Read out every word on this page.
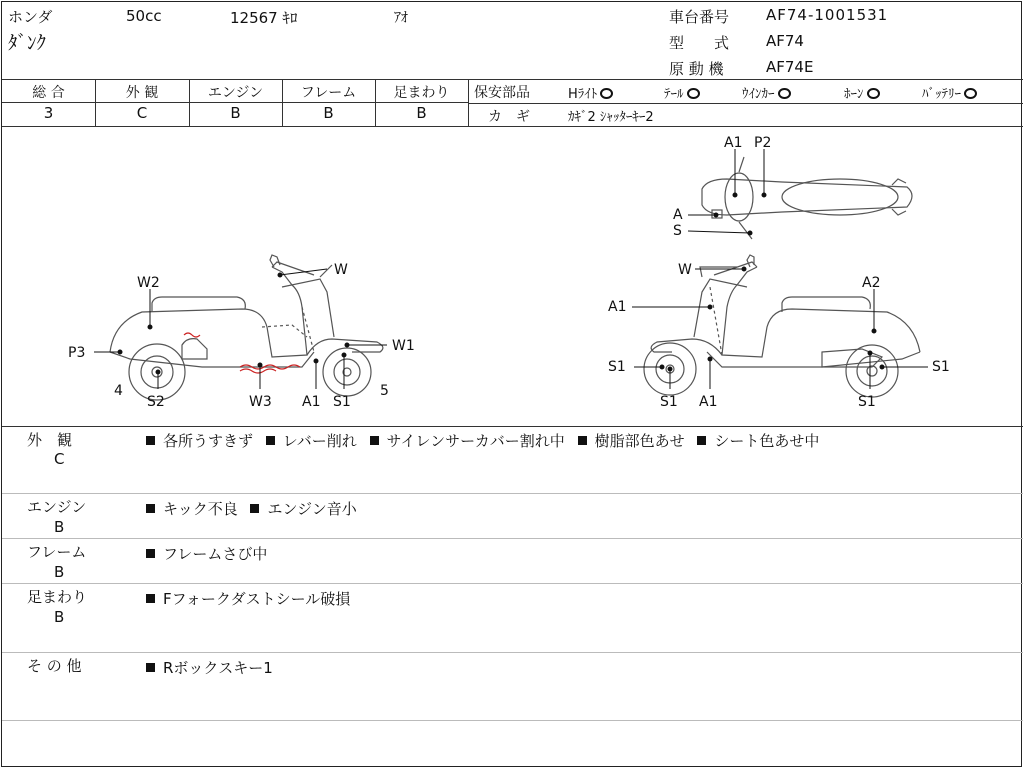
ホンダ	50cc	12567 ｷﾛ	ｱｵ
ﾀﾞﾝｸ
車台番号 AF74-1001531
型　　式 AF74
原 動 機	AF74E
総 合	外 観	エンジン	フレーム	足まわり
3	C	B	B	B
保安部品	Hﾗｲﾄ	ﾃｰﾙ	ｳｲﾝｶｰ	ﾎｰﾝ	ﾊﾞｯﾃﾘｰ
カ　ギ	ｶｷﾞ2 ｼｬｯﾀｰｷｰ2
W2
W
W1
P3
4
S2	W3 A1 S1
5
W
A2
A1
S1
S1 A1	S1
S1
A1 P2
A
S
外　観
C
各所うすきず レバー削れ サイレンサーカバー割れ中 樹脂部色あせ シート色あせ中
エンジン
B
キック不良 エンジン音小
フレーム
B
フレームさび中
足まわり
B
Fフォークダストシール破損
そ の 他	Rボックスキー1
